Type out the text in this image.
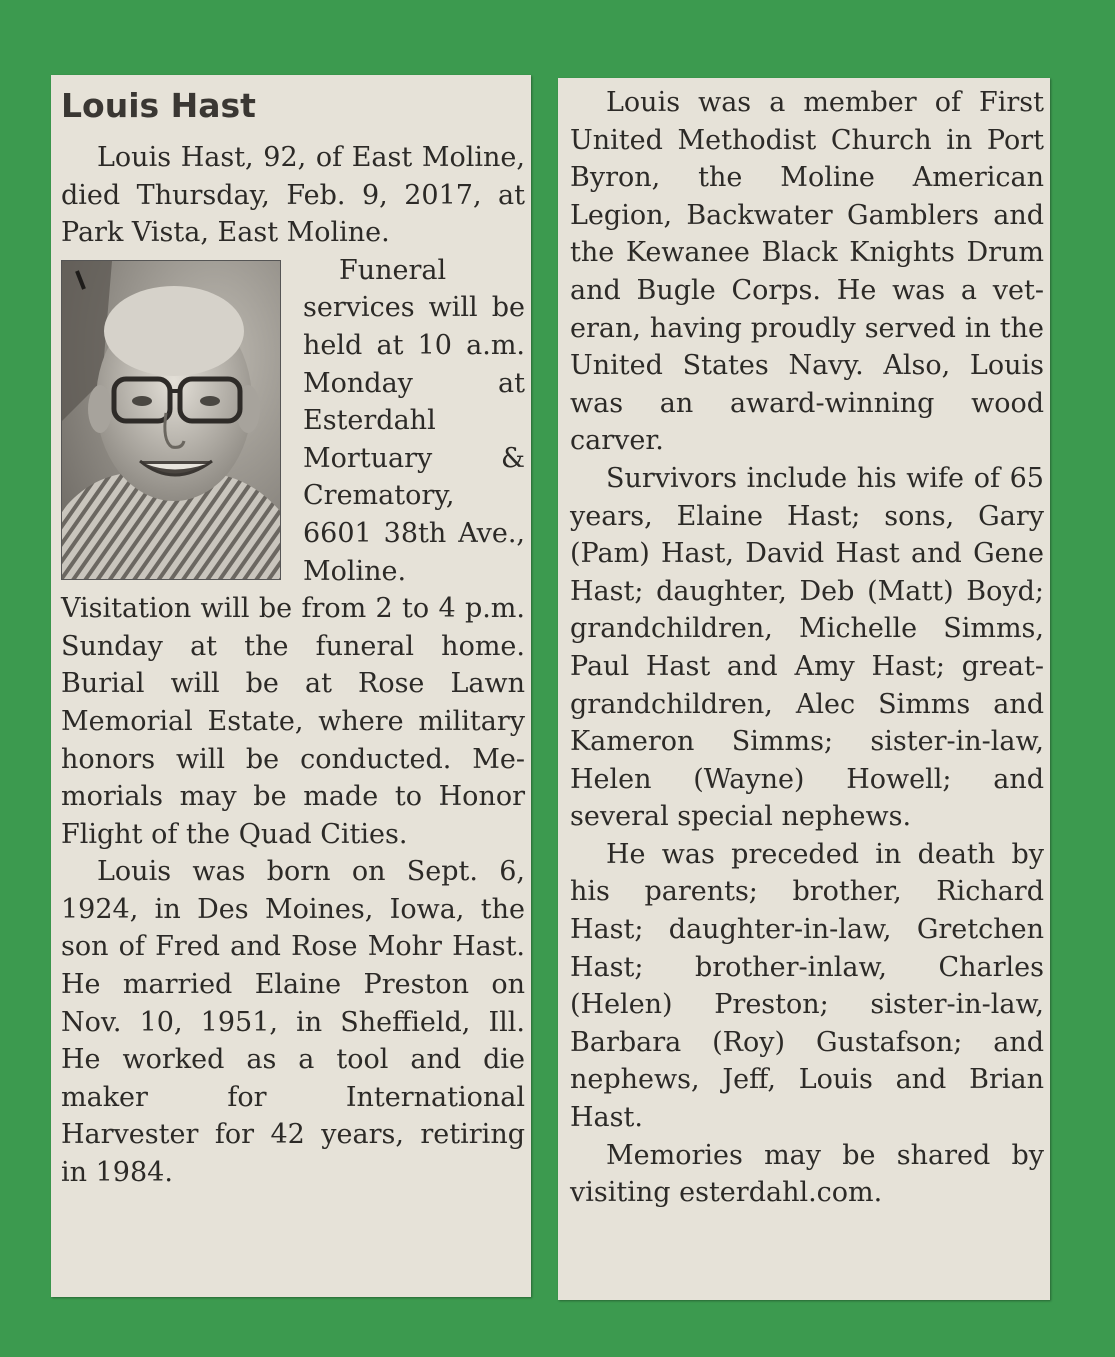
Louis Hast

Louis Hast, 92, of East Moline, died Thursday, Feb. 9, 2017, at Park Vista, East Moline.

Funeral services will be held at 10 a.m. Monday at Esterdahl Mortuary & Crematory, 6601 38th Ave., Moline. Visitation will be from 2 to 4 p.m. Sunday at the funeral home. Burial will be at Rose Lawn Memorial Estate, where military honors will be conducted. Memorials may be made to Honor Flight of the Quad Cities.

Louis was born on Sept. 6, 1924, in Des Moines, Iowa, the son of Fred and Rose Mohr Hast. He married Elaine Preston on Nov. 10, 1951, in Sheffield, Ill. He worked as a tool and die maker for International Harvester for 42 years, retiring in 1984.

Louis was a member of First United Methodist Church in Port Byron, the Moline American Legion, Backwater Gamblers and the Kewanee Black Knights Drum and Bugle Corps. He was a veteran, having proudly served in the United States Navy. Also, Louis was an award-winning wood carver.

Survivors include his wife of 65 years, Elaine Hast; sons, Gary (Pam) Hast, David Hast and Gene Hast; daughter, Deb (Matt) Boyd; grandchildren, Michelle Simms, Paul Hast and Amy Hast; great-grandchildren, Alec Simms and Kameron Simms; sister-in-law, Helen (Wayne) Howell; and several special nephews.

He was preceded in death by his parents; brother, Richard Hast; daughter-in-law, Gretchen Hast; brother-inlaw, Charles (Helen) Preston; sister-in-law, Barbara (Roy) Gustafson; and nephews, Jeff, Louis and Brian Hast.

Memories may be shared by visiting esterdahl.com.
